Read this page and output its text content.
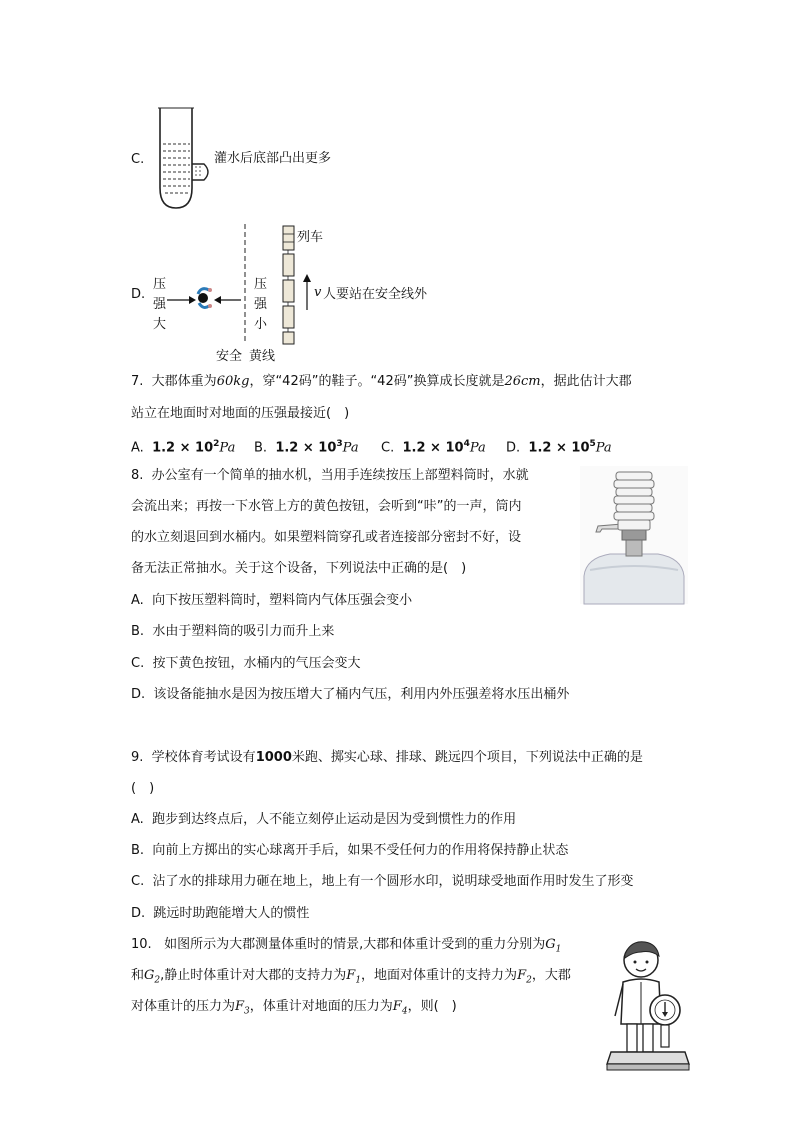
C.	灌水后底部凸出更多
D.
压
强
大
压
强
小
列车
v 人要站在安全线外
安全 黄线
7. 大郡体重为60kg，穿“42码”的鞋子。“42码”换算成长度就是26cm，据此估计大郡
站立在地面时对地面的压强最接近(　)
A. $1.2 \times 10^2Pa$ B. $1.2 \times 10^3Pa$ C. $1.2 \times 10^4Pa$ D. $1.2 \times 10^5Pa$
8. 办公室有一个简单的抽水机，当用手连续按压上部塑料筒时，水就
会流出来；再按一下水管上方的黄色按钮，会听到“咔”的一声，筒内
的水立刻退回到水桶内。如果塑料筒穿孔或者连接部分密封不好，设
备无法正常抽水。关于这个设备，下列说法中正确的是(　)
A. 向下按压塑料筒时，塑料筒内气体压强会变小
B. 水由于塑料筒的吸引力而升上来
C. 按下黄色按钮，水桶内的气压会变大
D. 该设备能抽水是因为按压增大了桶内气压，利用内外压强差将水压出桶外
9. 学校体育考试设有1000米跑、掷实心球、排球、跳远四个项目，下列说法中正确的是
(　)
A. 跑步到达终点后，人不能立刻停止运动是因为受到惯性力的作用
B. 向前上方掷出的实心球离开手后，如果不受任何力的作用将保持静止状态
C. 沾了水的排球用力砸在地上，地上有一个圆形水印，说明球受地面作用时发生了形变
D. 跳远时助跑能增大人的惯性
10. 如图所示为大郡测量体重时的情景,大郡和体重计受到的重力分别为$G_1$
和$G_2$,静止时体重计对大郡的支持力为$F_1$，地面对体重计的支持力为$F_2$，大郡
对体重计的压力为$F_3$，体重计对地面的压力为$F_4$，则(　)
